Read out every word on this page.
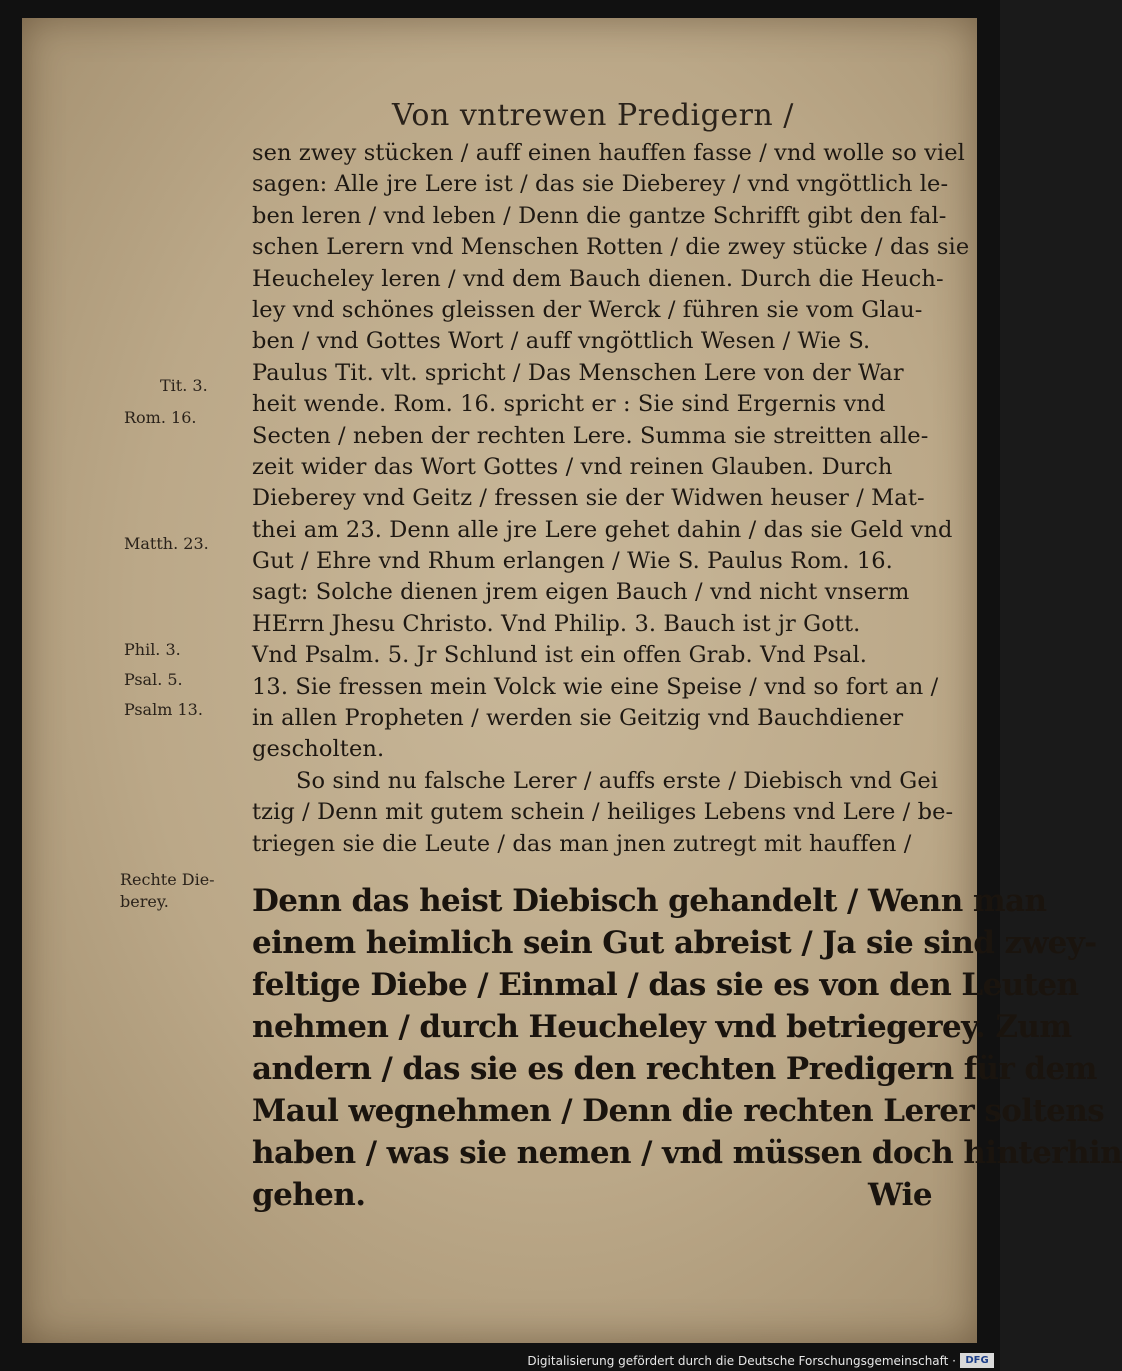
Von vntrewen Predigern /
sen zwey stücken / auff einen hauffen fasse / vnd wolle so viel
sagen: Alle jre Lere ist / das sie Dieberey / vnd vngöttlich le-
ben leren / vnd leben / Denn die gantze Schrifft gibt den fal-
schen Lerern vnd Menschen Rotten / die zwey stücke / das sie
Heucheley leren / vnd dem Bauch dienen. Durch die Heuch-
ley vnd schönes gleissen der Werck / führen sie vom Glau-
ben / vnd Gottes Wort / auff vngöttlich Wesen / Wie S.
Paulus Tit. vlt. spricht / Das Menschen Lere von der War
heit wende. Rom. 16. spricht er : Sie sind Ergernis vnd
Secten / neben der rechten Lere. Summa sie streitten alle-
zeit wider das Wort Gottes / vnd reinen Glauben. Durch
Dieberey vnd Geitz / fressen sie der Widwen heuser / Mat-
thei am 23. Denn alle jre Lere gehet dahin / das sie Geld vnd
Gut / Ehre vnd Rhum erlangen / Wie S. Paulus Rom. 16.
sagt: Solche dienen jrem eigen Bauch / vnd nicht vnserm
HErrn Jhesu Christo. Vnd Philip. 3. Bauch ist jr Gott.
Vnd Psalm. 5. Jr Schlund ist ein offen Grab. Vnd Psal.
13. Sie fressen mein Volck wie eine Speise / vnd so fort an /
in allen Propheten / werden sie Geitzig vnd Bauchdiener
gescholten.
So sind nu falsche Lerer / auffs erste / Diebisch vnd Gei
tzig / Denn mit gutem schein / heiliges Lebens vnd Lere / be-
triegen sie die Leute / das man jnen zutregt mit hauffen /
Denn das heist Diebisch gehandelt / Wenn man
einem heimlich sein Gut abreist / Ja sie sind zwey-
feltige Diebe / Einmal / das sie es von den Leuten
nehmen / durch Heucheley vnd betriegerey. Zum
andern / das sie es den rechten Predigern für dem
Maul wegnehmen / Denn die rechten Lerer soltens
haben / was sie nemen / vnd müssen doch hinterhin
gehen.	Wie
Tit. 3.
Rom. 16.
Matth. 23.
Phil. 3.
Psal. 5.
Psalm 13.
Rechte Die-
berey.
Digitalisierung gefördert durch die Deutsche Forschungsgemeinschaft · DFG
